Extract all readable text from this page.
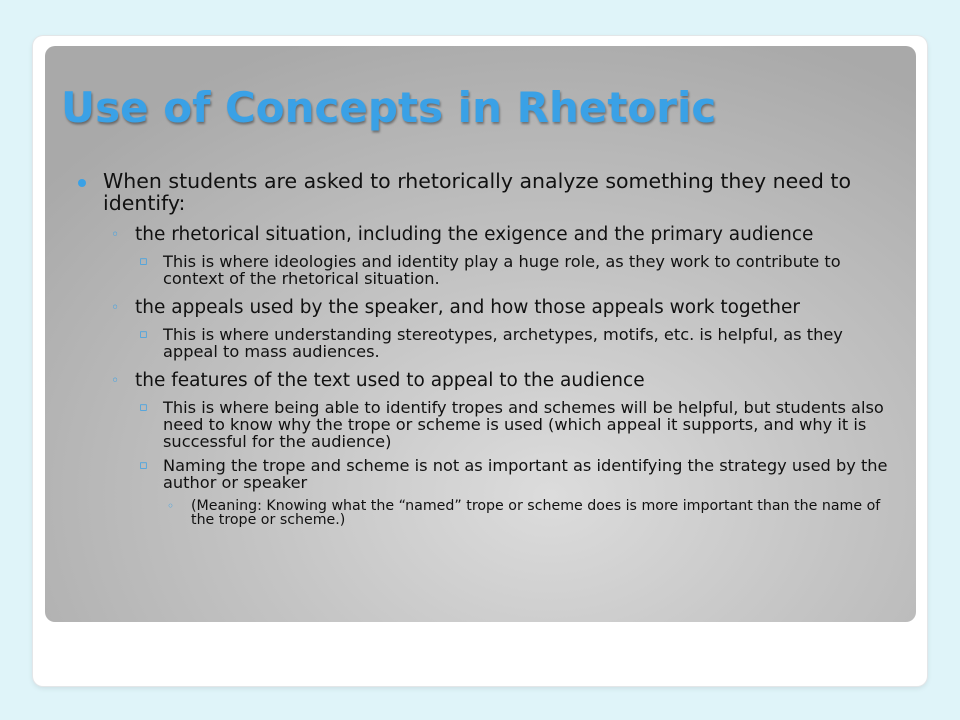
Use of Concepts in Rhetoric
When students are asked to rhetorically analyze something they need to identify:
◦ the rhetorical situation, including the exigence and the primary audience
▫ This is where ideologies and identity play a huge role, as they work to contribute to context of the rhetorical situation.
◦ the appeals used by the speaker, and how those appeals work together
▫ This is where understanding stereotypes, archetypes, motifs, etc. is helpful, as they appeal to mass audiences.
◦ the features of the text used to appeal to the audience
▫ This is where being able to identify tropes and schemes will be helpful, but students also need to know why the trope or scheme is used (which appeal it supports, and why it is successful for the audience)
▫ Naming the trope and scheme is not as important as identifying the strategy used by the author or speaker
◦ (Meaning: Knowing what the “named” trope or scheme does is more important than the name of the trope or scheme.)
